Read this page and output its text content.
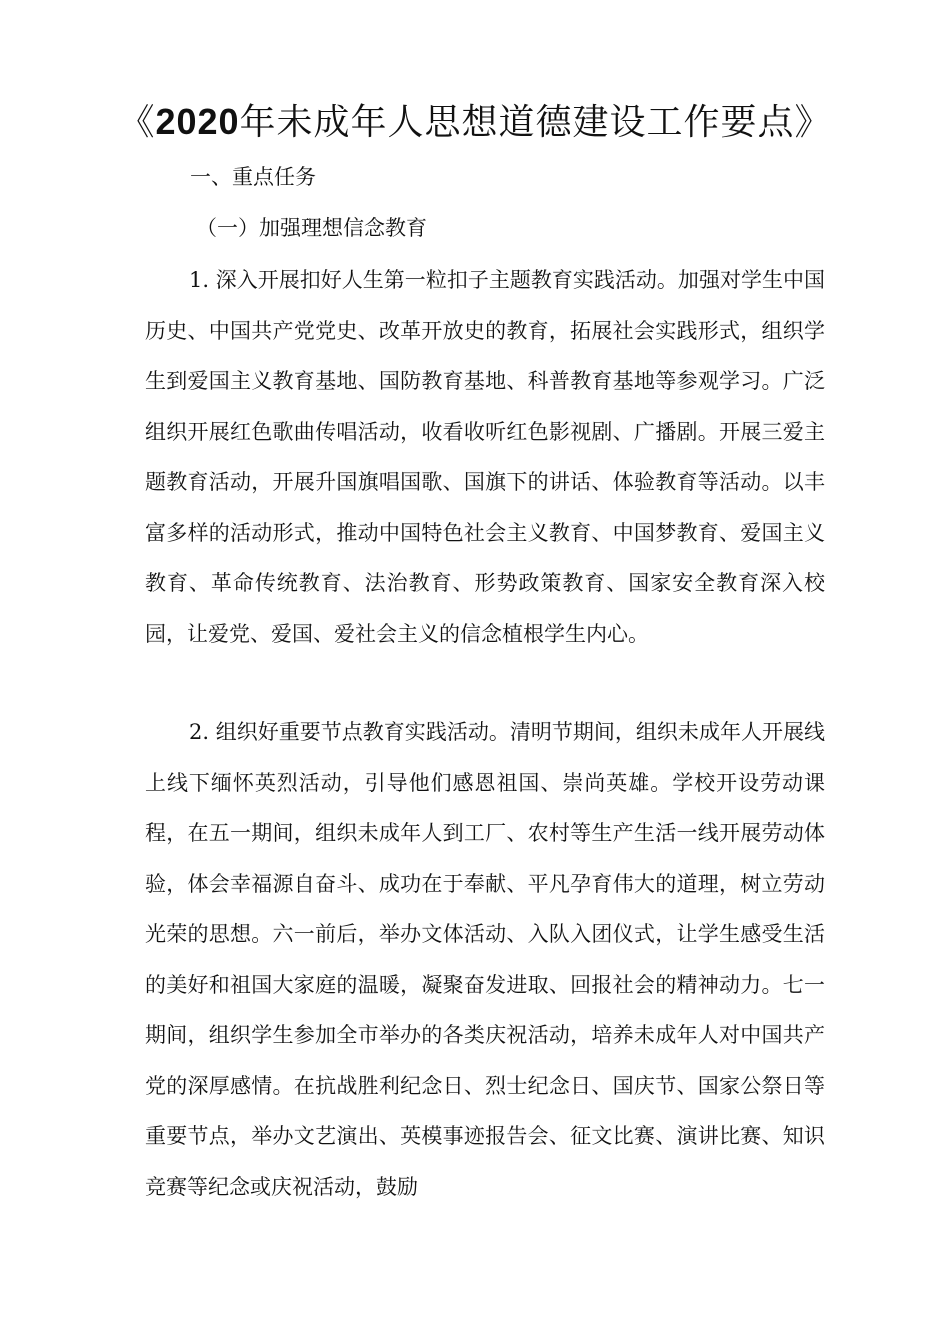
《2020年未成年人思想道德建设工作要点》
一、重点任务
（一）加强理想信念教育

1. 深入开展扣好人生第一粒扣子主题教育实践活动。加强对学生中国历史、中国共产党党史、改革开放史的教育，拓展社会实践形式，组织学生到爱国主义教育基地、国防教育基地、科普教育基地等参观学习。广泛组织开展红色歌曲传唱活动，收看收听红色影视剧、广播剧。开展三爱主题教育活动，开展升国旗唱国歌、国旗下的讲话、体验教育等活动。以丰富多样的活动形式，推动中国特色社会主义教育、中国梦教育、爱国主义教育、革命传统教育、法治教育、形势政策教育、国家安全教育深入校园，让爱党、爱国、爱社会主义的信念植根学生内心。

2. 组织好重要节点教育实践活动。清明节期间，组织未成年人开展线上线下缅怀英烈活动，引导他们感恩祖国、崇尚英雄。学校开设劳动课程，在五一期间，组织未成年人到工厂、农村等生产生活一线开展劳动体验，体会幸福源自奋斗、成功在于奉献、平凡孕育伟大的道理，树立劳动光荣的思想。六一前后，举办文体活动、入队入团仪式，让学生感受生活的美好和祖国大家庭的温暖，凝聚奋发进取、回报社会的精神动力。七一期间，组织学生参加全市举办的各类庆祝活动，培养未成年人对中国共产党的深厚感情。在抗战胜利纪念日、烈士纪念日、国庆节、国家公祭日等重要节点，举办文艺演出、英模事迹报告会、征文比赛、演讲比赛、知识竞赛等纪念或庆祝活动，鼓励
